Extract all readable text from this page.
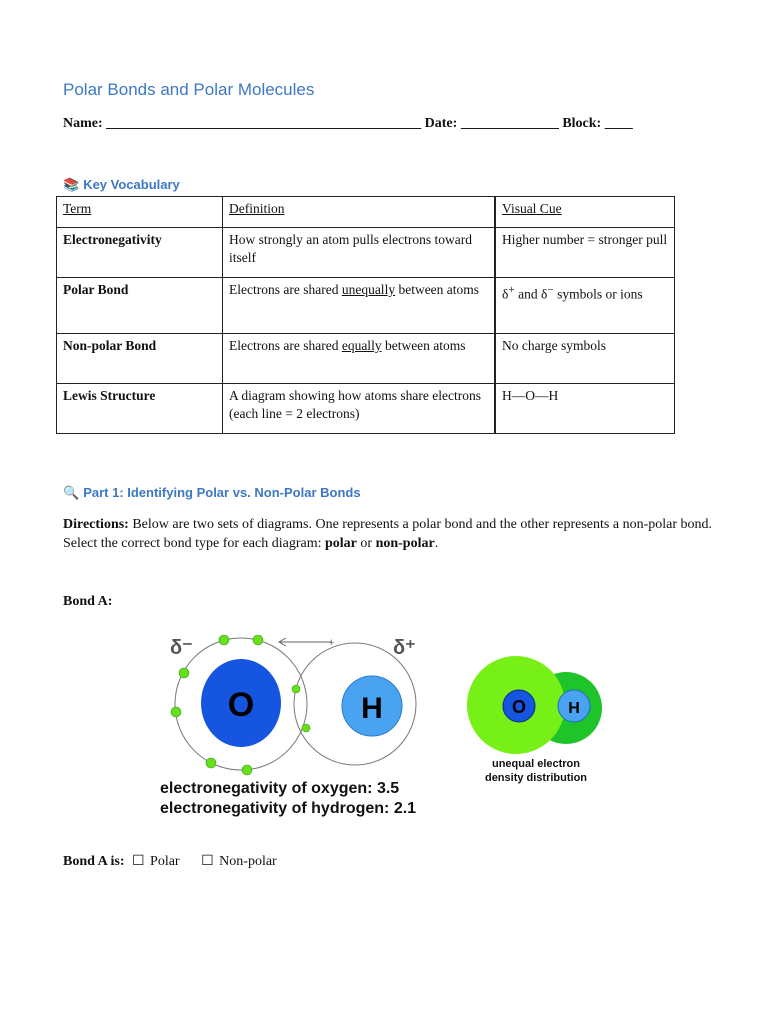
Polar Bonds and Polar Molecules
Name: _____________________________________________ Date: ______________ Block: ____
📚 Key Vocabulary
Term	Definition	Visual Cue
Electronegativity	How strongly an atom pulls electrons toward itself	Higher number = stronger pull
Polar Bond	Electrons are shared unequally between atoms	δ+ and δ− symbols or ions
Non-polar Bond	Electrons are shared equally between atoms	No charge symbols
Lewis Structure	A diagram showing how atoms share electrons (each line = 2 electrons)	H—O—H
🔍 Part 1: Identifying Polar vs. Non-Polar Bonds

Directions: Below are two sets of diagrams. One represents a polar bond and the other represents a non-polar bond. Select the correct bond type for each diagram: polar or non-polar.

Bond A:
δ⁻	δ⁺
+
O	H
electronegativity of oxygen: 3.5
electronegativity of hydrogen: 2.1
O	H
unequal electron
density distribution
Bond A is: ☐ Polar ☐ Non-polar
